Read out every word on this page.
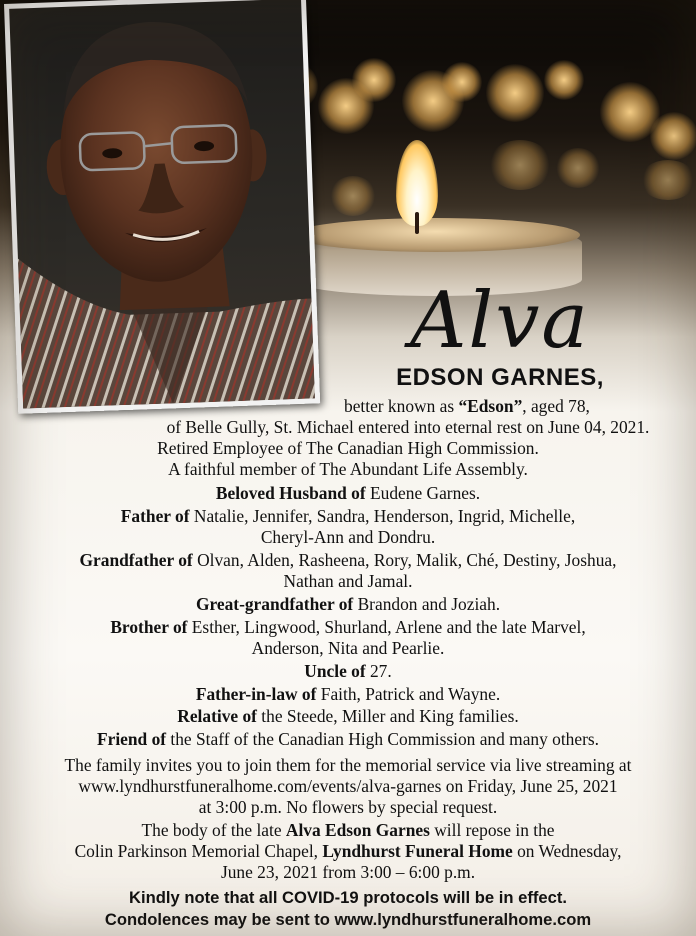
Alva
EDSON GARNES,
better known as “Edson”, aged 78,
of Belle Gully, St. Michael entered into eternal rest on June 04, 2021.
Retired Employee of The Canadian High Commission.
A faithful member of The Abundant Life Assembly.
Beloved Husband of Eudene Garnes.
Father of Natalie, Jennifer, Sandra, Henderson, Ingrid, Michelle,
Cheryl-Ann and Dondru.
Grandfather of Olvan, Alden, Rasheena, Rory, Malik, Ché, Destiny, Joshua,
Nathan and Jamal.
Great-grandfather of Brandon and Joziah.
Brother of Esther, Lingwood, Shurland, Arlene and the late Marvel,
Anderson, Nita and Pearlie.
Uncle of 27.
Father-in-law of Faith, Patrick and Wayne.
Relative of the Steede, Miller and King families.
Friend of the Staff of the Canadian High Commission and many others.
The family invites you to join them for the memorial service via live streaming at
www.lyndhurstfuneralhome.com/events/alva-garnes on Friday, June 25, 2021
at 3:00 p.m. No flowers by special request.
The body of the late Alva Edson Garnes will repose in the
Colin Parkinson Memorial Chapel, Lyndhurst Funeral Home on Wednesday,
June 23, 2021 from 3:00 – 6:00 p.m.
Kindly note that all COVID-19 protocols will be in effect.
Condolences may be sent to www.lyndhurstfuneralhome.com
